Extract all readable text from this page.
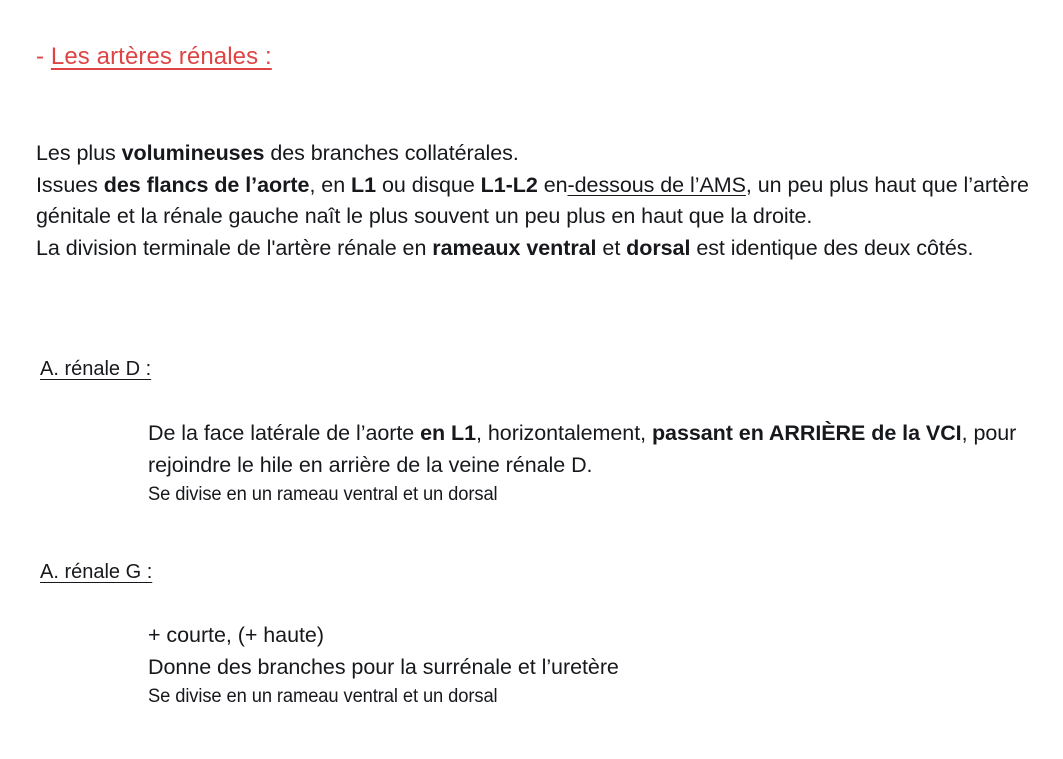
- Les artères rénales :
Les plus volumineuses des branches collatérales.
Issues des flancs de l’aorte, en L1 ou disque L1-L2 en-dessous de l’AMS, un peu plus haut que l’artère génitale et la rénale gauche naît le plus souvent un peu plus en haut que la droite.
La division terminale de l'artère rénale en rameaux ventral et dorsal est identique des deux côtés.
A. rénale D :

De la face latérale de l’aorte en L1, horizontalement, passant en ARRIÈRE de la VCI, pour rejoindre le hile en arrière de la veine rénale D.

Se divise en un rameau ventral et un dorsal

A. rénale G :

+ courte, (+ haute)

Donne des branches pour la surrénale et l’uretère

Se divise en un rameau ventral et un dorsal
